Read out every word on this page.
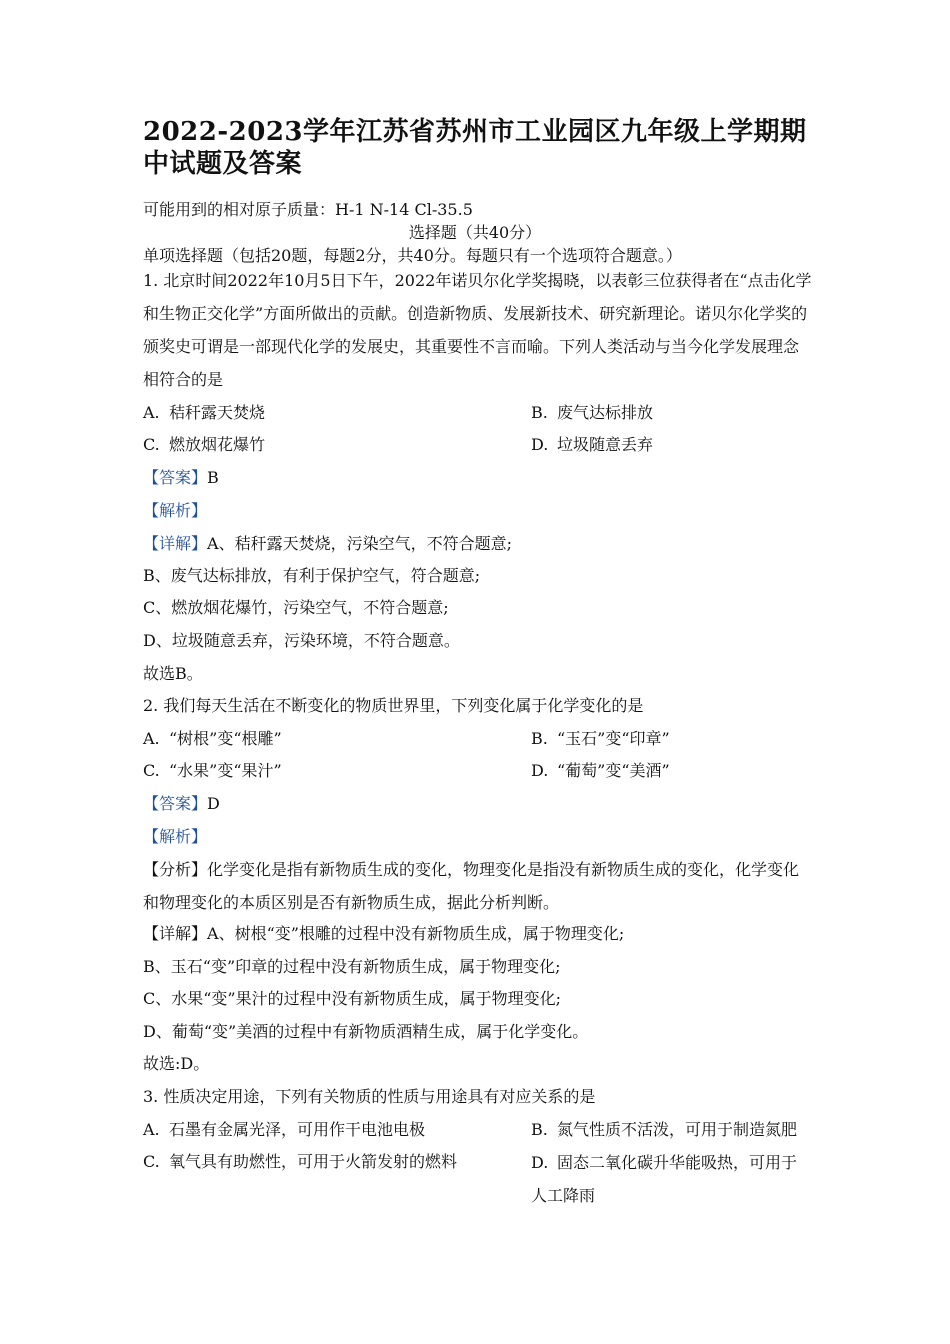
2022-2023学年江苏省苏州市工业园区九年级上学期期中试题及答案
可能用到的相对原子质量：H-1 N-14 Cl-35.5
选择题（共40分）
单项选择题（包括20题，每题2分，共40分。每题只有一个选项符合题意。）
1. 北京时间2022年10月5日下午，2022年诺贝尔化学奖揭晓，以表彰三位获得者在“点击化学和生物正交化学”方面所做出的贡献。创造新物质、发展新技术、研究新理论。诺贝尔化学奖的颁奖史可谓是一部现代化学的发展史，其重要性不言而喻。下列人类活动与当今化学发展理念相符合的是
A. 秸秆露天焚烧	B. 废气达标排放
C. 燃放烟花爆竹	D. 垃圾随意丢弃
【答案】B
【解析】
【详解】A、秸秆露天焚烧，污染空气，不符合题意;
B、废气达标排放，有利于保护空气，符合题意;
C、燃放烟花爆竹，污染空气，不符合题意;
D、垃圾随意丢弃，污染环境，不符合题意。
故选B。
2. 我们每天生活在不断变化的物质世界里，下列变化属于化学变化的是
A. “树根”变“根雕”	B. “玉石”变“印章”
C. “水果”变“果汁”	D. “葡萄”变“美酒”
【答案】D
【解析】
【分析】化学变化是指有新物质生成的变化，物理变化是指没有新物质生成的变化，化学变化和物理变化的本质区别是否有新物质生成，据此分析判断。
【详解】A、树根“变”根雕的过程中没有新物质生成，属于物理变化;
B、玉石“变”印章的过程中没有新物质生成，属于物理变化;
C、水果“变”果汁的过程中没有新物质生成，属于物理变化;
D、葡萄“变”美酒的过程中有新物质酒精生成，属于化学变化。
故选:D。
3. 性质决定用途，下列有关物质的性质与用途具有对应关系的是
A. 石墨有金属光泽，可用作干电池电极	B. 氮气性质不活泼，可用于制造氮肥
C. 氧气具有助燃性，可用于火箭发射的燃料	D. 固态二氧化碳升华能吸热，可用于人工降雨
